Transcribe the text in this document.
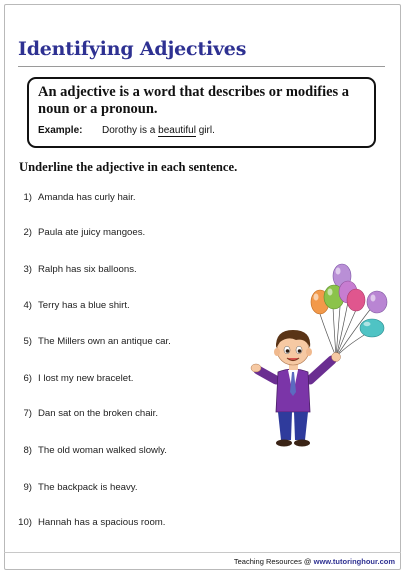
Identifying Adjectives
An adjective is a word that describes or modifies a noun or a pronoun.
Example: Dorothy is a beautiful girl.
Underline the adjective in each sentence.
1) Amanda has curly hair.
2) Paula ate juicy mangoes.
3) Ralph has six balloons.
4) Terry has a blue shirt.
5) The Millers own an antique car.
6) I lost my new bracelet.
7) Dan sat on the broken chair.
8) The old woman walked slowly.
9) The backpack is heavy.
10) Hannah has a spacious room.
Teaching Resources @ www.tutoringhour.com
